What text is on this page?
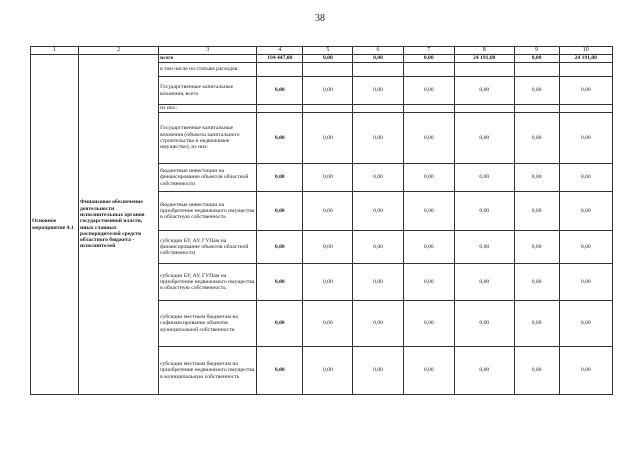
38
1	2	3	4	5	6	7	8	9	10
Основное мероприятие 4.1	Финансовое обеспечение деятельности исполнительных органов государственной власти, иных главных распорядителей средств областного бюджета - исполнителей	всего	194 447,00	0,00	0,00	0,00	24 191,00	0,00	24 191,00
		в том числе по статьям расходов:							
		Государственные капитальные вложения, всего	0,00	0,00	0,00	0,00	0,00	0,00	0,00
		из них:							
		Государственные капитальные вложения (объекты капитального строительства и недвижимое имущество), из них:	0,00	0,00	0,00	0,00	0,00	0,00	0,00
		бюджетные инвестиции на финансирование объектов областной собственности	0,00	0,00	0,00	0,00	0,00	0,00	0,00
		бюджетные инвестиции на приобретение недвижимого имущества в областную собственность	0,00	0,00	0,00	0,00	0,00	0,00	0,00
		субсидии БУ, АУ, ГУПам на финансирование объектов областной собственности	0,00	0,00	0,00	0,00	0,00	0,00	0,00
		субсидии БУ, АУ, ГУПам на приобретение недвижимого имущества в областную собственность	0,00	0,00	0,00	0,00	0,00	0,00	0,00
		субсидии местным бюджетам на софинансирование объектов муниципальной собственности	0,00	0,00	0,00	0,00	0,00	0,00	0,00
		субсидии местным бюджетам на приобретение недвижимого имущества в муниципальную собственность	0,00	0,00	0,00	0,00	0,00	0,00	0,00
